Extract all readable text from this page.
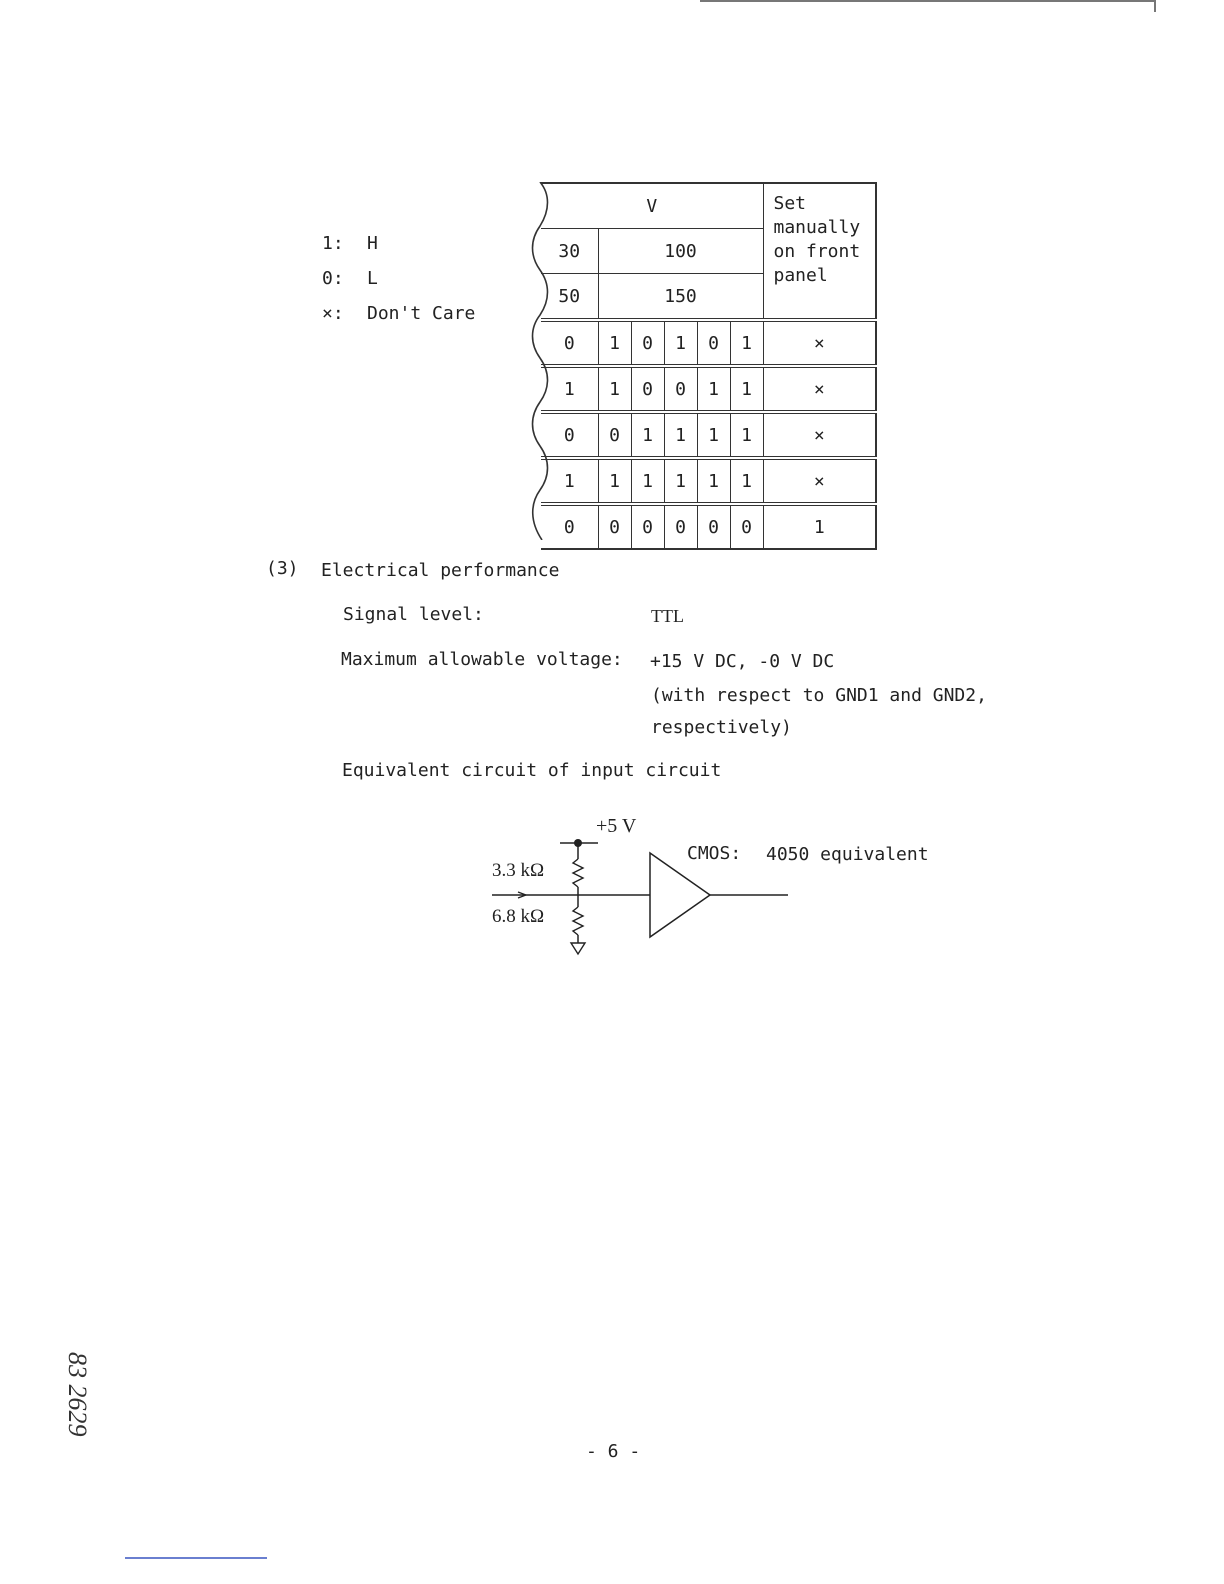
1: H
0: L
×: Don't Care
V						Set manually on front panel
30	100					
50	150					
0	1	0	1	0	1	×
1	1	0	0	1	1	×
0	0	1	1	1	1	×
1	1	1	1	1	1	×
0	0	0	0	0	0	1
(3) Electrical performance
Signal level:	TTL
Maximum allowable voltage: +15 V DC, -0 V DC
(with respect to GND1 and GND2,
respectively)
Equivalent circuit of input circuit
+5 V
3.3 kΩ
6.8 kΩ
CMOS: 4050 equivalent
- 6 -
83 2629
